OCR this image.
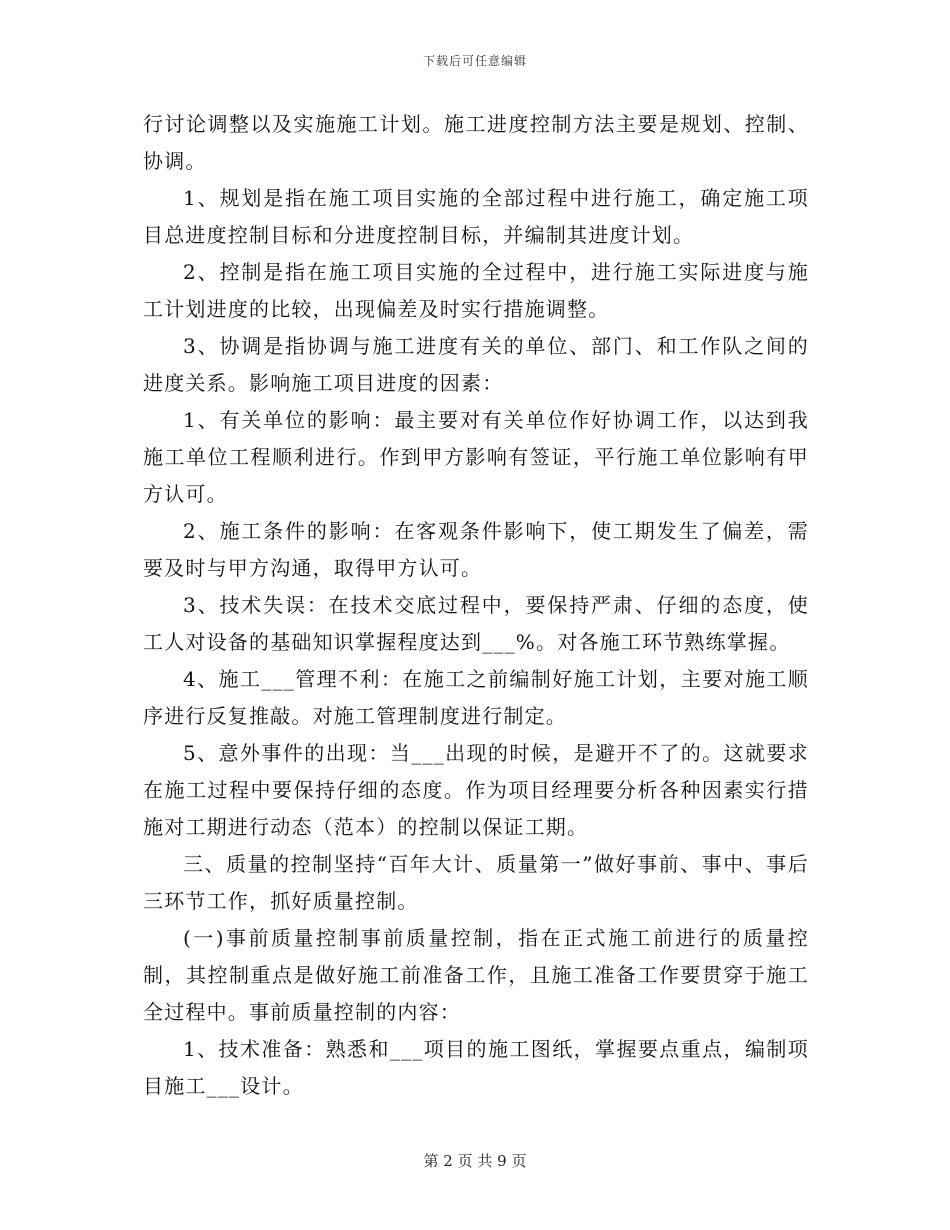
下载后可任意编辑

行讨论调整以及实施施工计划。施工进度控制方法主要是规划、控制、协调。

1、规划是指在施工项目实施的全部过程中进行施工，确定施工项目总进度控制目标和分进度控制目标，并编制其进度计划。

2、控制是指在施工项目实施的全过程中，进行施工实际进度与施工计划进度的比较，出现偏差及时实行措施调整。

3、协调是指协调与施工进度有关的单位、部门、和工作队之间的进度关系。影响施工项目进度的因素：

1、有关单位的影响：最主要对有关单位作好协调工作，以达到我施工单位工程顺利进行。作到甲方影响有签证，平行施工单位影响有甲方认可。

2、施工条件的影响：在客观条件影响下，使工期发生了偏差，需要及时与甲方沟通，取得甲方认可。

3、技术失误：在技术交底过程中，要保持严肃、仔细的态度，使工人对设备的基础知识掌握程度达到___%。对各施工环节熟练掌握。

4、施工___管理不利：在施工之前编制好施工计划，主要对施工顺序进行反复推敲。对施工管理制度进行制定。

5、意外事件的出现：当___出现的时候，是避开不了的。这就要求在施工过程中要保持仔细的态度。作为项目经理要分析各种因素实行措施对工期进行动态（范本）的控制以保证工期。

三、质量的控制坚持“百年大计、质量第一”做好事前、事中、事后三环节工作，抓好质量控制。

(一)事前质量控制事前质量控制，指在正式施工前进行的质量控制，其控制重点是做好施工前准备工作，且施工准备工作要贯穿于施工全过程中。事前质量控制的内容：

1、技术准备：熟悉和___项目的施工图纸，掌握要点重点，编制项目施工___设计。

第 2 页 共 9 页
